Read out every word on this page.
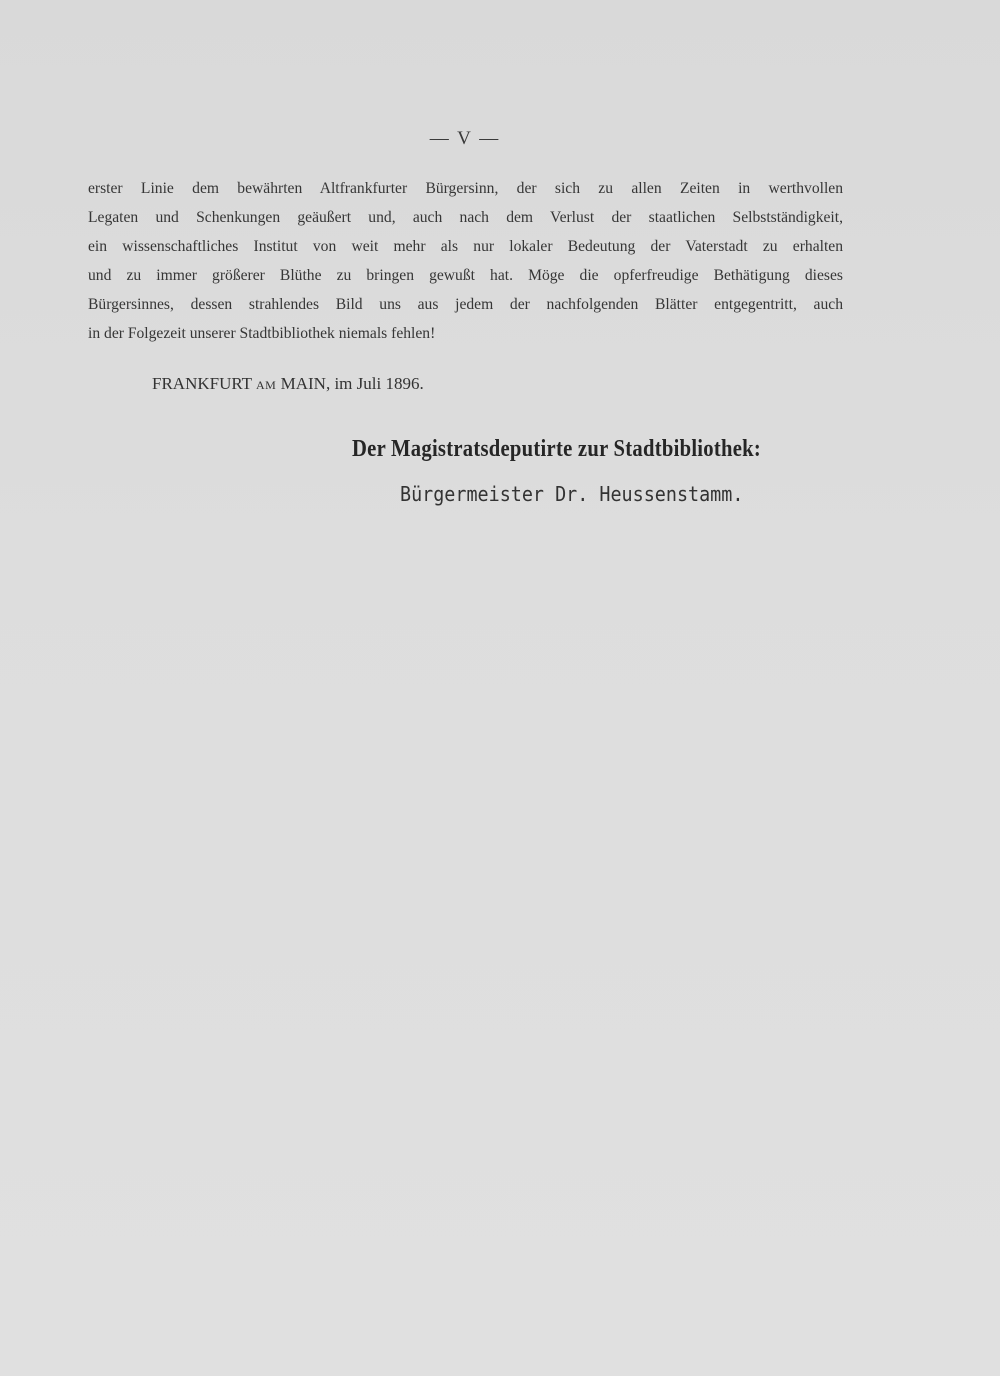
— V —
erster Linie dem bewährten Altfrankfurter Bürgersinn, der sich zu allen Zeiten in werthvollen
Legaten und Schenkungen geäußert und, auch nach dem Verlust der staatlichen Selbstständigkeit,
ein wissenschaftliches Institut von weit mehr als nur lokaler Bedeutung der Vaterstadt zu erhalten
und zu immer größerer Blüthe zu bringen gewußt hat. Möge die opferfreudige Bethätigung dieses
Bürgersinnes, dessen strahlendes Bild uns aus jedem der nachfolgenden Blätter entgegentritt, auch
in der Folgezeit unserer Stadtbibliothek niemals fehlen!
FRANKFURT AM MAIN, im Juli 1896.
Der Magistratsdeputirte zur Stadtbibliothek:
Bürgermeister Dr. Heussenstamm.
